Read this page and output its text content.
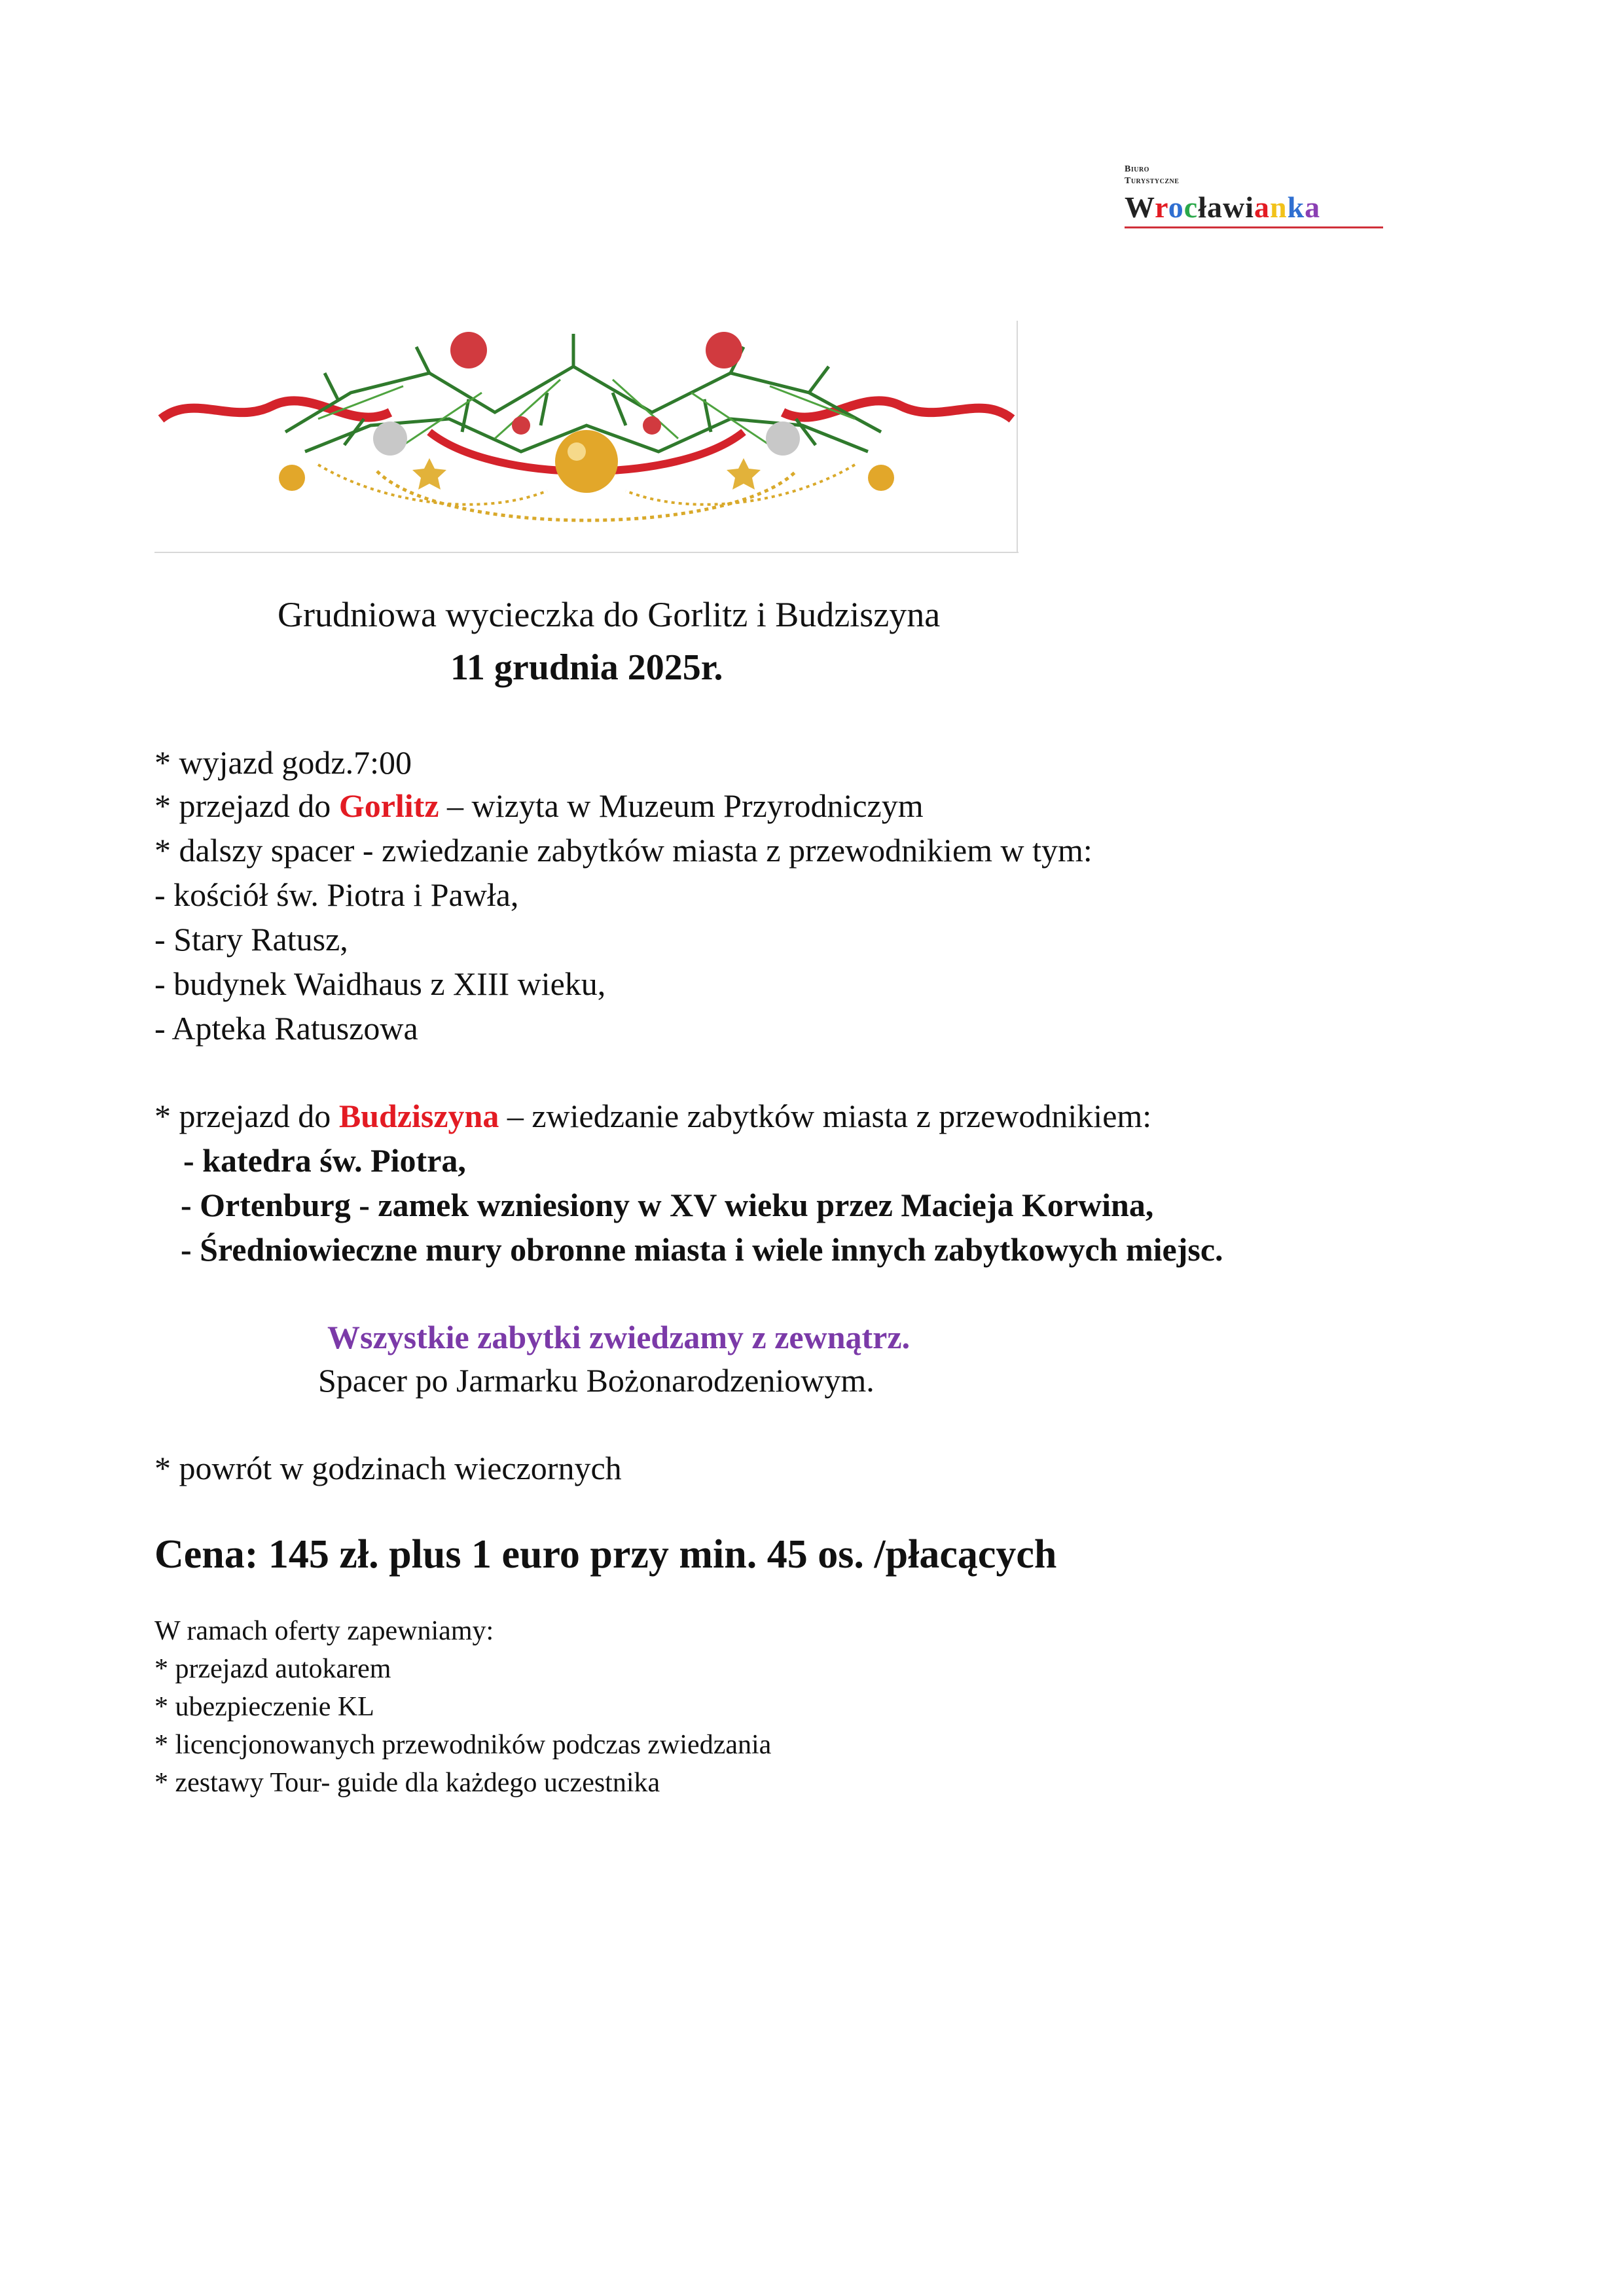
Biuro
Turystyczne
Wrocławianka
Grudniowa wycieczka do Gorlitz i Budziszyna
11 grudnia 2025r.
* wyjazd godz.7:00
* przejazd do Gorlitz – wizyta w Muzeum Przyrodniczym
* dalszy spacer - zwiedzanie zabytków miasta z przewodnikiem w tym:
- kościół św. Piotra i Pawła,
- Stary Ratusz,
- budynek Waidhaus z XIII wieku,
- Apteka Ratuszowa
* przejazd do Budziszyna – zwiedzanie zabytków miasta z przewodnikiem:
- katedra św. Piotra,
- Ortenburg - zamek wzniesiony w XV wieku przez Macieja Korwina,
- Średniowieczne mury obronne miasta i wiele innych zabytkowych miejsc.
Wszystkie zabytki zwiedzamy z zewnątrz.
Spacer po Jarmarku Bożonarodzeniowym.
* powrót w godzinach wieczornych
Cena: 145 zł. plus 1 euro przy min. 45 os. /płacących
W ramach oferty zapewniamy:
* przejazd autokarem
* ubezpieczenie KL
* licencjonowanych przewodników podczas zwiedzania
* zestawy Tour- guide dla każdego uczestnika
